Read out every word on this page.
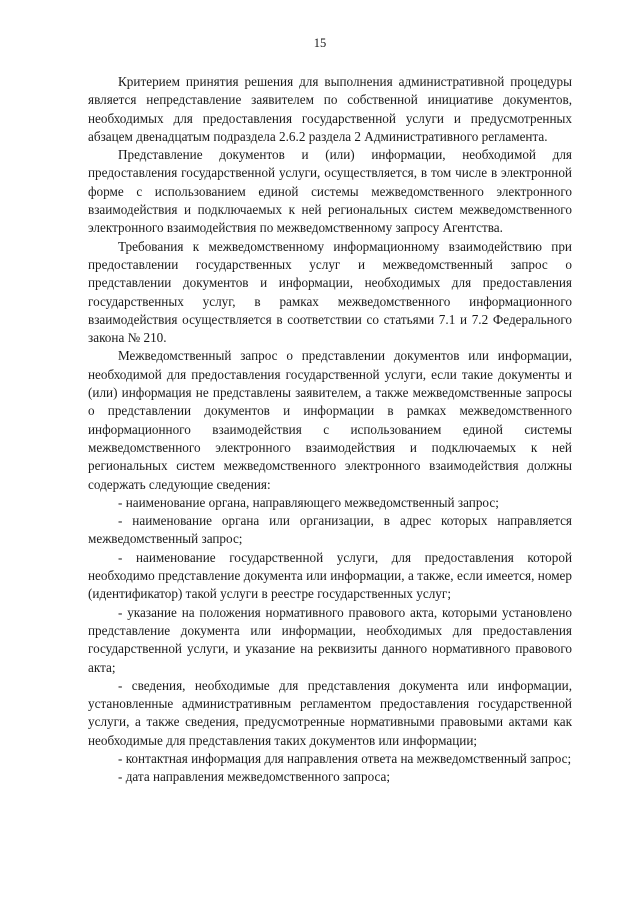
15

Критерием принятия решения для выполнения административной процедуры является непредставление заявителем по собственной инициативе документов, необходимых для предоставления государственной услуги и предусмотренных абзацем двенадцатым подраздела 2.6.2 раздела 2 Административного регламента.

Представление документов и (или) информации, необходимой для предоставления государственной услуги, осуществляется, в том числе в электронной форме с использованием единой системы межведомственного электронного взаимодействия и подключаемых к ней региональных систем межведомственного электронного взаимодействия по межведомственному запросу Агентства.

Требования к межведомственному информационному взаимодействию при предоставлении государственных услуг и межведомственный запрос о представлении документов и информации, необходимых для предоставления государственных услуг, в рамках межведомственного информационного взаимодействия осуществляется в соответствии со статьями 7.1 и 7.2 Федерального закона № 210.

Межведомственный запрос о представлении документов или информации, необходимой для предоставления государственной услуги, если такие документы и (или) информация не представлены заявителем, а также межведомственные запросы о представлении документов и информации в рамках межведомственного информационного взаимодействия с использованием единой системы межведомственного электронного взаимодействия и подключаемых к ней региональных систем межведомственного электронного взаимодействия должны содержать следующие сведения:

- наименование органа, направляющего межведомственный запрос;

- наименование органа или организации, в адрес которых направляется межведомственный запрос;

- наименование государственной услуги, для предоставления которой необходимо представление документа или информации, а также, если имеется, номер (идентификатор) такой услуги в реестре государственных услуг;

- указание на положения нормативного правового акта, которыми установлено представление документа или информации, необходимых для предоставления государственной услуги, и указание на реквизиты данного нормативного правового акта;

- сведения, необходимые для представления документа или информации, установленные административным регламентом предоставления государственной услуги, а также сведения, предусмотренные нормативными правовыми актами как необходимые для представления таких документов или информации;

- контактная информация для направления ответа на межведомственный запрос;

- дата направления межведомственного запроса;
